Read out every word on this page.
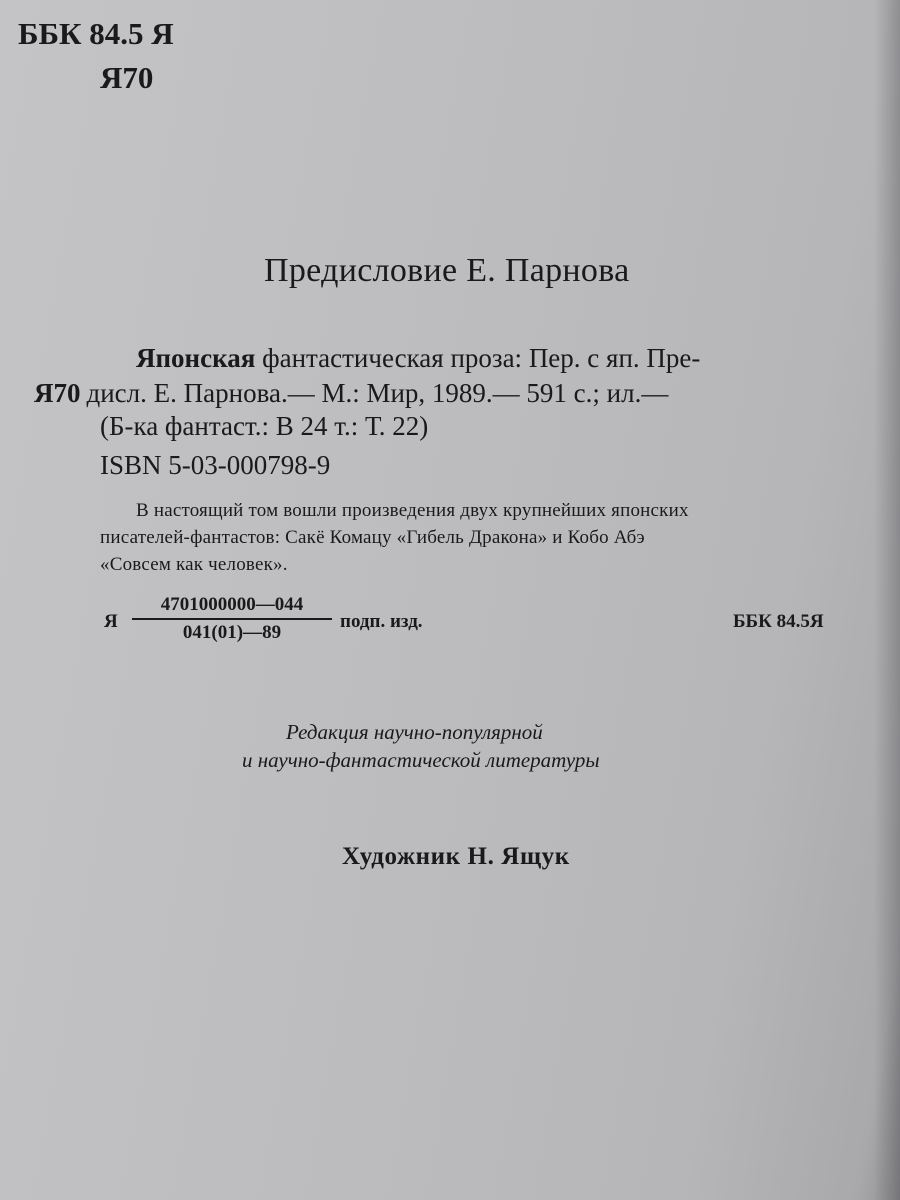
ББК 84.5 Я
Я70
Предисловие Е. Парнова
Японская фантастическая проза: Пер. с яп. Пре-
Я70 дисл. Е. Парнова.— М.: Мир, 1989.— 591 с.; ил.—
(Б-ка фантаст.: В 24 т.: Т. 22)
ISBN 5-03-000798-9
В настоящий том вошли произведения двух крупнейших японских
писателей-фантастов: Сакё Комацу «Гибель Дракона» и Кобо Абэ
«Совсем как человек».
Я $\frac{4701000000—044}{041(01)—89}$ подп. изд.	ББК 84.5Я
Редакция научно-популярной
и научно-фантастической литературы
Художник Н. Ящук
